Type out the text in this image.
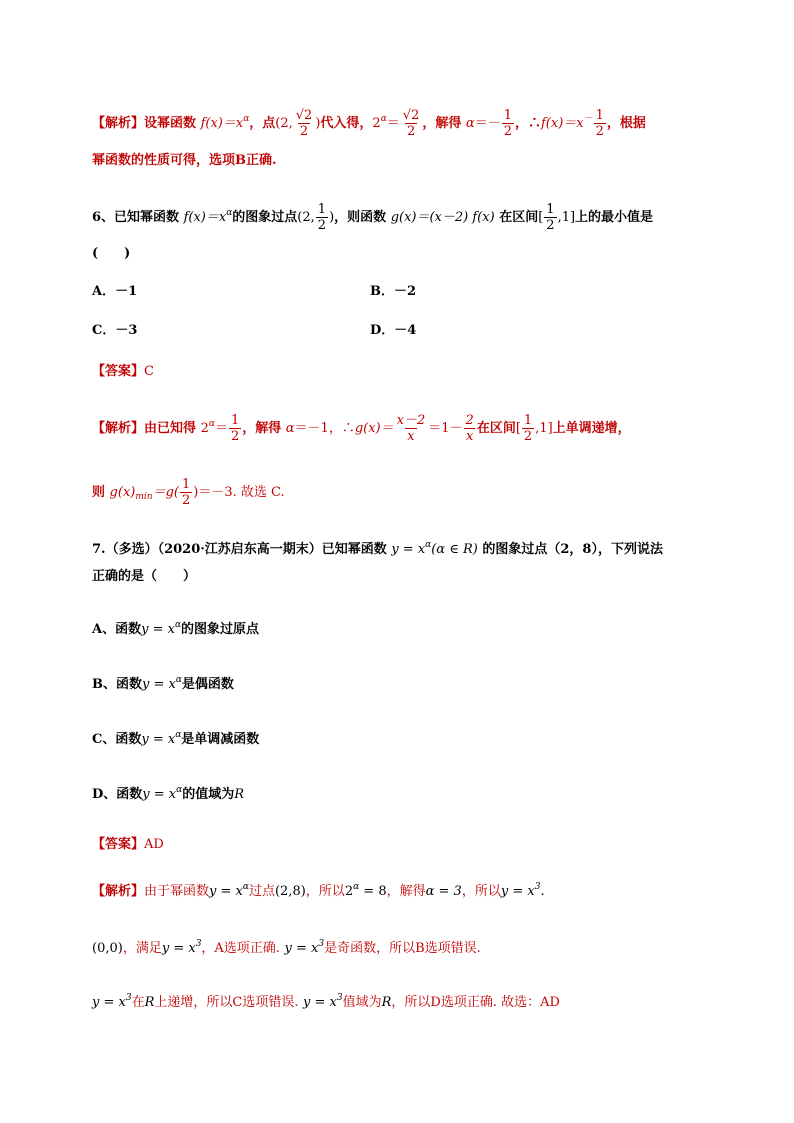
【解析】设幂函数 $f(x)=x^\alpha$，点(2, $\frac{√2}{2}$ )代入得，$2^\alpha= \frac{√2}{2}$ ，解得 $\alpha=- \frac{1}{2}$ ，∴f(x)＝x－ $\frac{1}{2}$ ，根据
幂函数的性质可得，选项B正确.
6、已知幂函数 $f(x)=x^\alpha$的图象过点(2, $\frac{1}{2}$ )，则函数 g(x)＝(x－2) f(x) 在区间[ $\frac{1}{2} ,1$]上的最小值是
(　　)
A．－1	B．－2
C．－3	D．－4
【答案】C
【解析】由已知得 $2^\alpha= \frac{1}{2}$ ，解得 α＝－1，∴g(x)＝ $\frac{x-2}{x} =1- \frac{2}{x}$ 在区间[ $\frac{1}{2} ,1$]上单调递增，
则 $g(x)_{min}=g( \frac{1}{2} )=-3$. 故选 C.
7.（多选）（2020·江苏启东高一期末）已知幂函数 $y = x^\alpha(\alpha$ ∈ R) 的图象过点（2，8），下列说法
正确的是（　　）
A、函数$y = x^\alpha$的图象过原点
B、函数$y = x^\alpha$是偶函数
C、函数$y = x^\alpha$是单调减函数
D、函数$y = x^\alpha$的值域为R
【答案】AD
【解析】由于幂函数$y = x^\alpha$过点(2,8)，所以$2^\alpha = 8$，解得α = 3，所以$y = x^3$.
(0,0)，满足$y = x^3$，A选项正确. $y = x^3$是奇函数，所以B选项错误.
$y = x^3$在R上递增，所以C选项错误. $y = x^3$值域为R，所以D选项正确. 故选：AD
